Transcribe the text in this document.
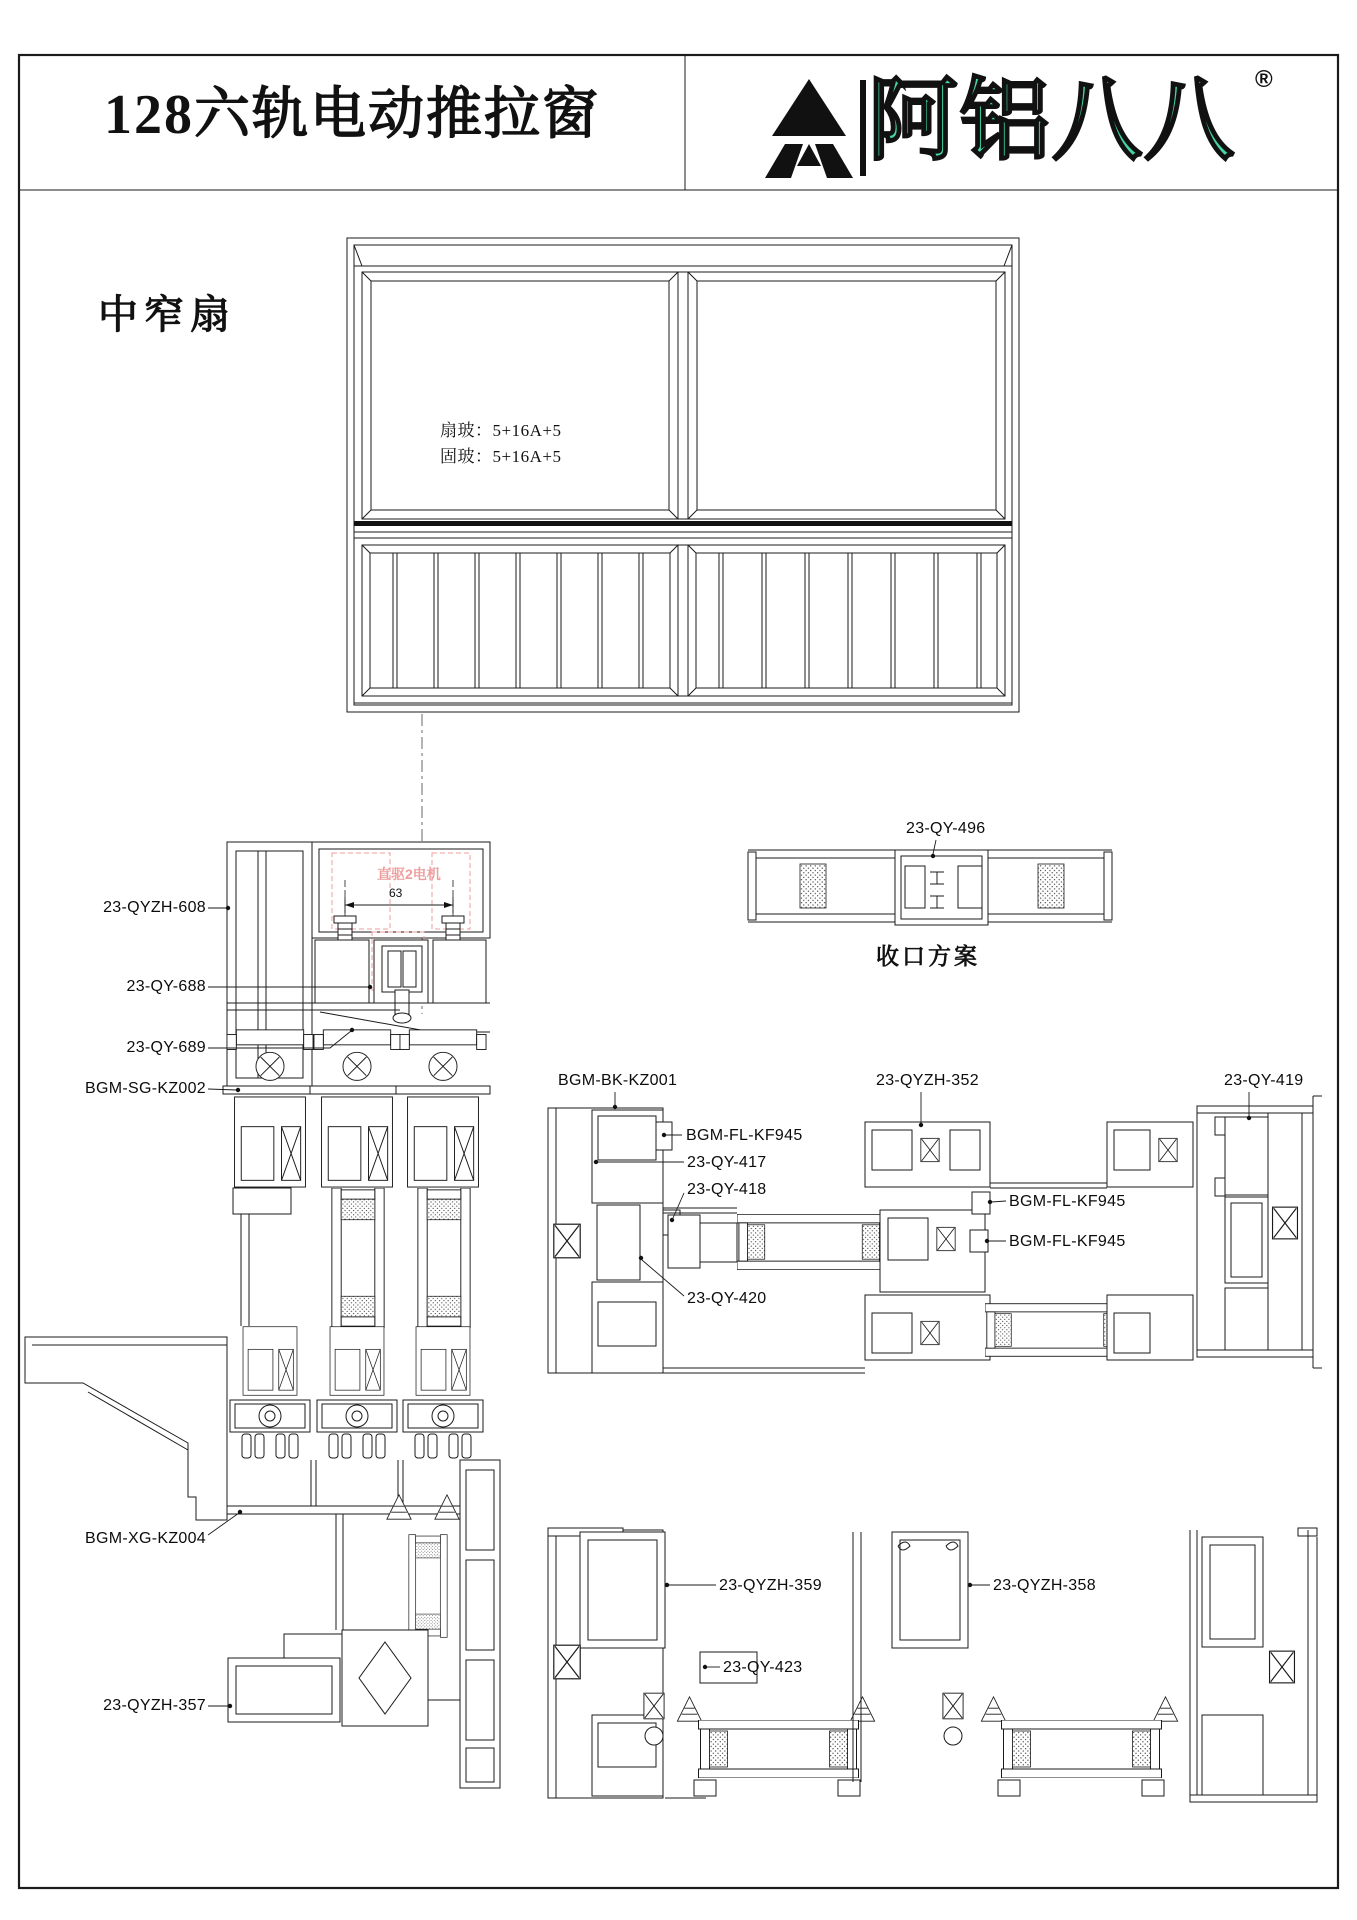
128六轨电动推拉窗	阿铝八八 ®
中窄扇
扇玻：5+16A+5
固玻：5+16A+5
直驱2电机
63
23-QYZH-608
23-QY-688
23-QY-689
BGM-SG-KZ002
BGM-XG-KZ004
23-QYZH-357
23-QY-496
收口方案
BGM-BK-KZ001
BGM-FL-KF945
23-QY-417
23-QY-418
23-QY-420
23-QYZH-352	23-QY-419
BGM-FL-KF945
BGM-FL-KF945
23-QYZH-359
23-QY-423
23-QYZH-358
